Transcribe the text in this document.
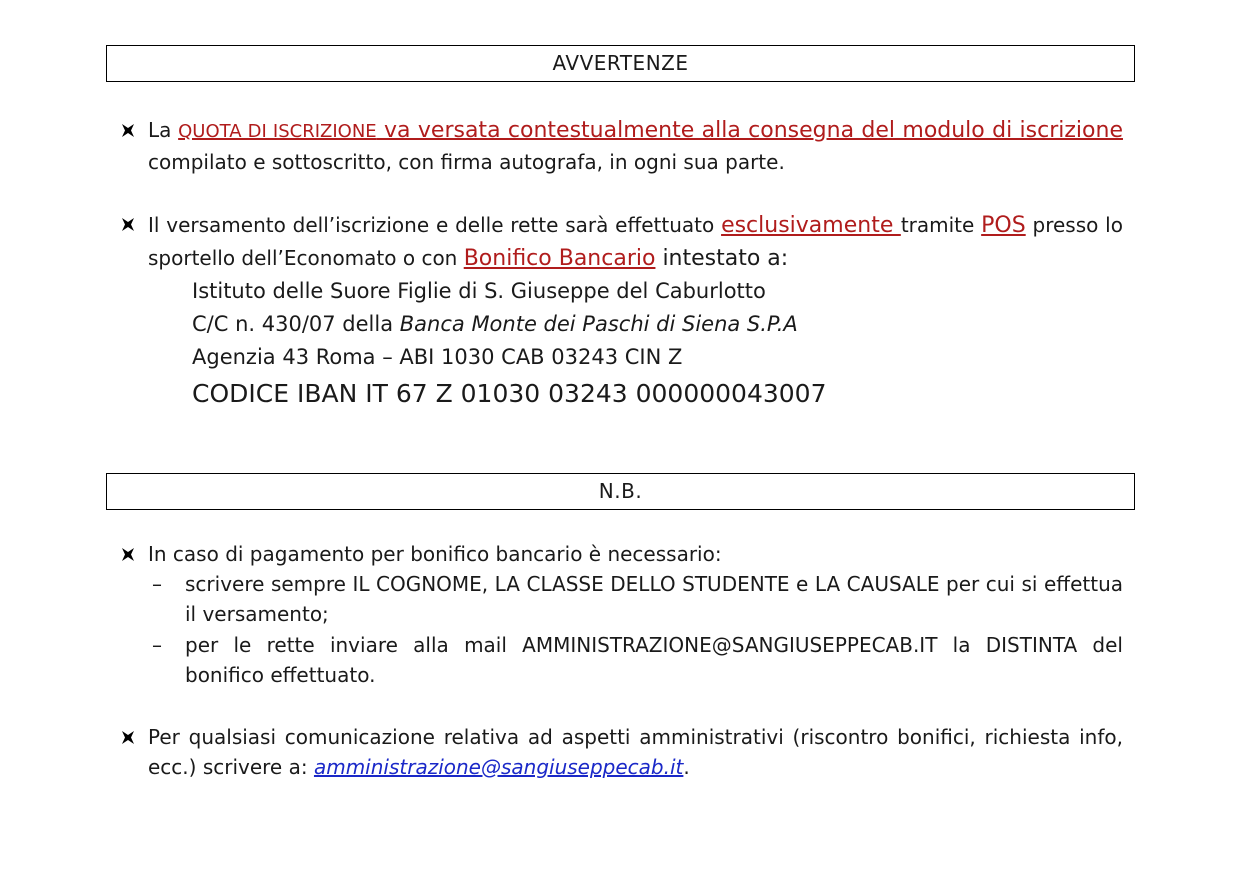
AVVERTENZE
La QUOTA DI ISCRIZIONE va versata contestualmente alla consegna del modulo di iscrizione compilato e sottoscritto, con firma autografa, in ogni sua parte.
Il versamento dell’iscrizione e delle rette sarà effettuato esclusivamente tramite POS presso lo sportello dell’Economato o con Bonifico Bancario intestato a:
Istituto delle Suore Figlie di S. Giuseppe del Caburlotto
C/C n. 430/07 della Banca Monte dei Paschi di Siena S.P.A
Agenzia 43 Roma – ABI 1030 CAB 03243 CIN Z
CODICE IBAN IT 67 Z 01030 03243 000000043007
N.B.
In caso di pagamento per bonifico bancario è necessario:
–	scrivere sempre IL COGNOME, LA CLASSE DELLO STUDENTE e LA CAUSALE per cui si effettua il versamento;
–	per le rette inviare alla mail AMMINISTRAZIONE@SANGIUSEPPECAB.IT la DISTINTA del bonifico effettuato.
Per qualsiasi comunicazione relativa ad aspetti amministrativi (riscontro bonifici, richiesta info, ecc.) scrivere a: amministrazione@sangiuseppecab.it.
